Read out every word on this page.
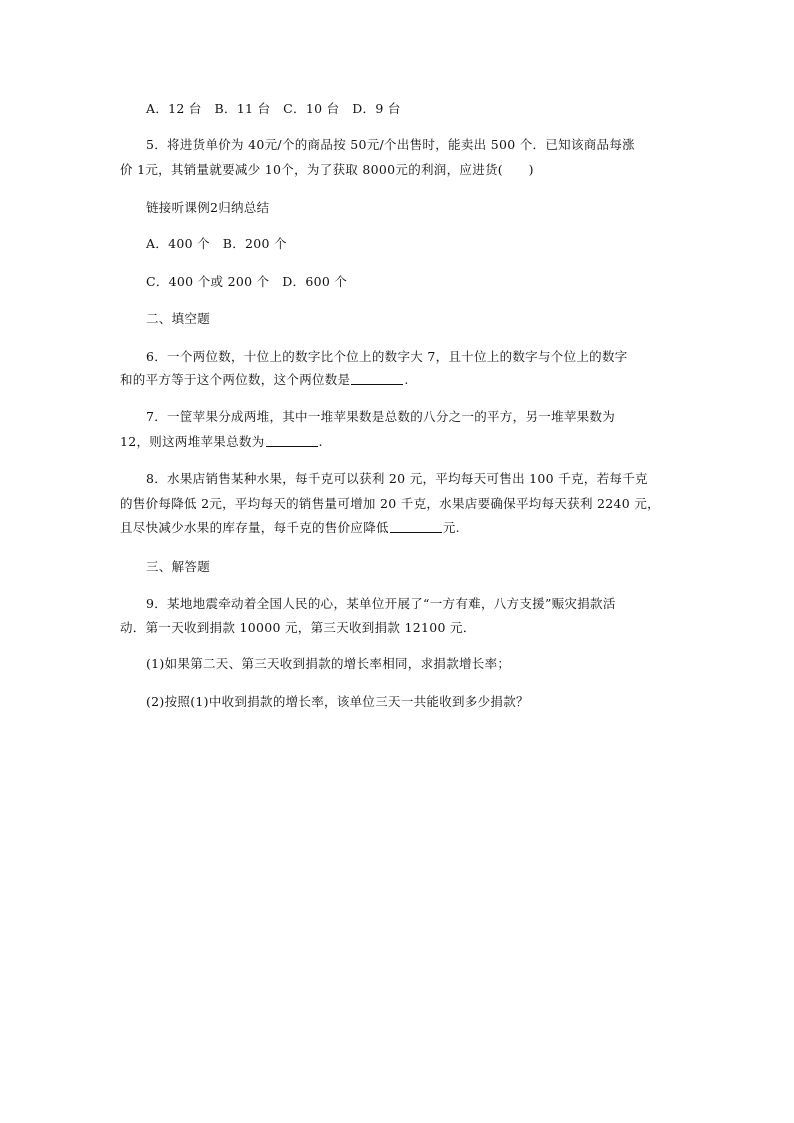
A．12 台　B．11 台　C．10 台　D．9 台
5．将进货单价为 40元/个的商品按 50元/个出售时，能卖出 500 个．已知该商品每涨
价 1元，其销量就要减少 10个，为了获取 8000元的利润，应进货(　　)
链接听课例2归纳总结
A．400 个　B．200 个
C．400 个或 200 个　D．600 个
二、填空题
6．一个两位数，十位上的数字比个位上的数字大 7，且十位上的数字与个位上的数字
和的平方等于这个两位数，这个两位数是	.
7．一筐苹果分成两堆，其中一堆苹果数是总数的八分之一的平方，另一堆苹果数为
12，则这两堆苹果总数为	.
8．水果店销售某种水果，每千克可以获利 20 元，平均每天可售出 100 千克，若每千克
的售价每降低 2元，平均每天的销售量可增加 20 千克，水果店要确保平均每天获利 2240 元，
且尽快减少水果的库存量，每千克的售价应降低	元.
三、解答题
9．某地地震牵动着全国人民的心，某单位开展了“一方有难，八方支援”赈灾捐款活
动．第一天收到捐款 10000 元，第三天收到捐款 12100 元．
(1)如果第二天、第三天收到捐款的增长率相同，求捐款增长率；
(2)按照(1)中收到捐款的增长率，该单位三天一共能收到多少捐款？
